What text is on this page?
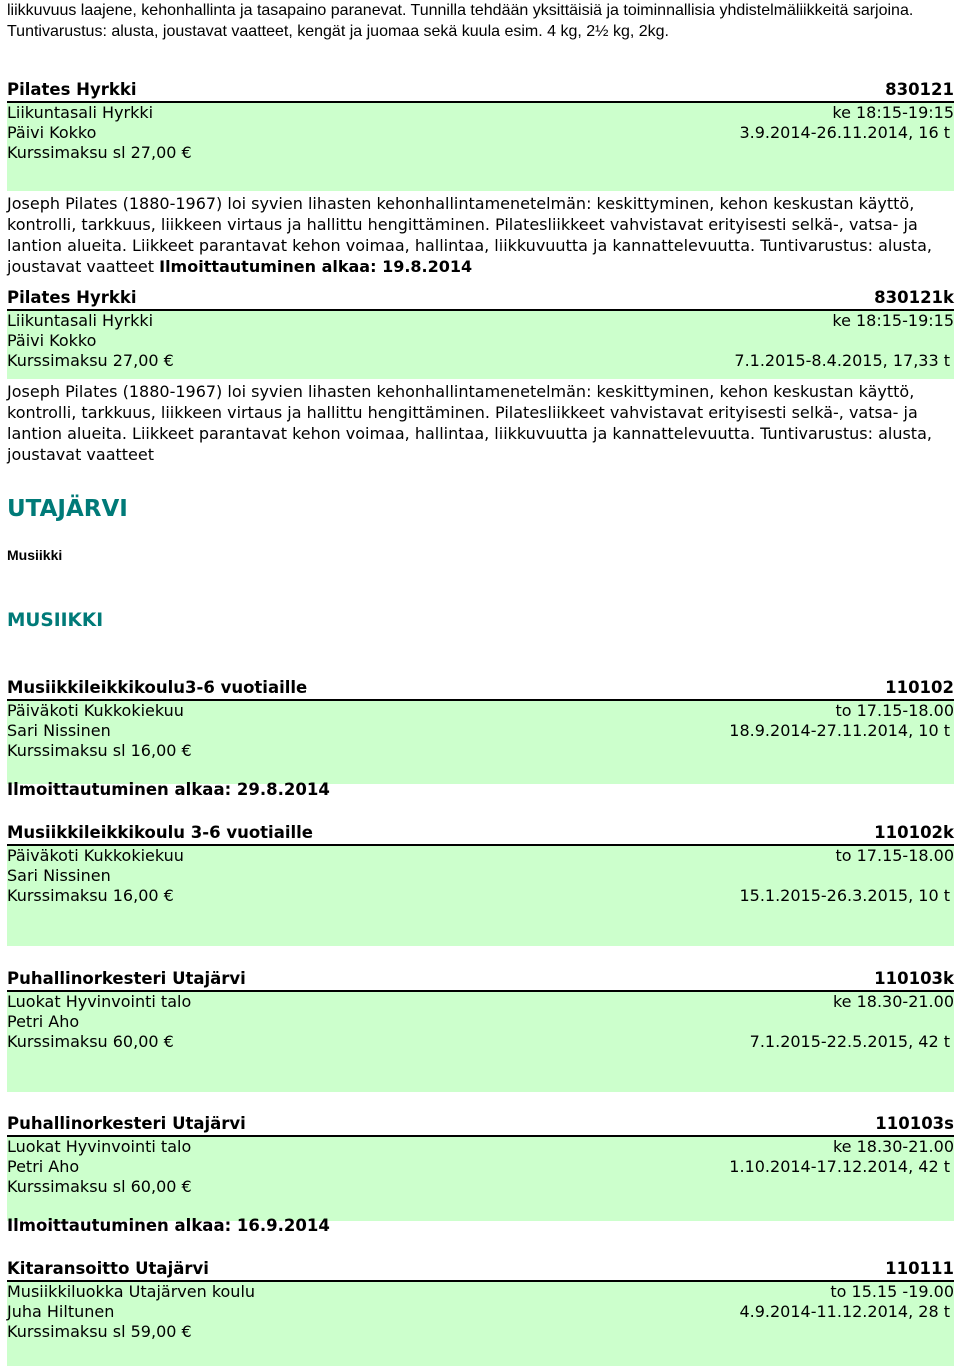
liikkuvuus laajene, kehonhallinta ja tasapaino paranevat. Tunnilla tehdään yksittäisiä ja toiminnallisia yhdistelmäliikkeitä sarjoina. Tuntivarustus: alusta, joustavat vaatteet, kengät ja juomaa sekä kuula esim. 4 kg, 2½ kg, 2kg.
Pilates Hyrkki	830121
Liikuntasali Hyrkki	ke 18:15-19:15
Päivi Kokko	3.9.2014-26.11.2014, 16 t
Kurssimaksu sl 27,00 €
Joseph Pilates (1880-1967) loi syvien lihasten kehonhallintamenetelmän: keskittyminen, kehon keskustan käyttö, kontrolli, tarkkuus, liikkeen virtaus ja hallittu hengittäminen. Pilatesliikkeet vahvistavat erityisesti selkä-, vatsa- ja lantion alueita. Liikkeet parantavat kehon voimaa, hallintaa, liikkuvuutta ja kannattelevuutta. Tuntivarustus: alusta, joustavat vaatteet Ilmoittautuminen alkaa: 19.8.2014
Pilates Hyrkki	830121k
Liikuntasali Hyrkki	ke 18:15-19:15
Päivi Kokko
Kurssimaksu 27,00 €	7.1.2015-8.4.2015, 17,33 t
Joseph Pilates (1880-1967) loi syvien lihasten kehonhallintamenetelmän: keskittyminen, kehon keskustan käyttö, kontrolli, tarkkuus, liikkeen virtaus ja hallittu hengittäminen. Pilatesliikkeet vahvistavat erityisesti selkä-, vatsa- ja lantion alueita. Liikkeet parantavat kehon voimaa, hallintaa, liikkuvuutta ja kannattelevuutta. Tuntivarustus: alusta, joustavat vaatteet
UTAJÄRVI
Musiikki
MUSIIKKI
Musiikkileikkikoulu3-6 vuotiaille	110102
Päiväkoti Kukkokiekuu	to 17.15-18.00
Sari Nissinen	18.9.2014-27.11.2014, 10 t
Kurssimaksu sl 16,00 €
Ilmoittautuminen alkaa: 29.8.2014
Musiikkileikkikoulu 3-6 vuotiaille	110102k
Päiväkoti Kukkokiekuu	to 17.15-18.00
Sari Nissinen
Kurssimaksu 16,00 €	15.1.2015-26.3.2015, 10 t
Puhallinorkesteri Utajärvi	110103k
Luokat Hyvinvointi talo	ke 18.30-21.00
Petri Aho
Kurssimaksu 60,00 €	7.1.2015-22.5.2015, 42 t
Puhallinorkesteri Utajärvi	110103s
Luokat Hyvinvointi talo	ke 18.30-21.00
Petri Aho	1.10.2014-17.12.2014, 42 t
Kurssimaksu sl 60,00 €
Ilmoittautuminen alkaa: 16.9.2014
Kitaransoitto Utajärvi	110111
Musiikkiluokka Utajärven koulu	to 15.15 -19.00
Juha Hiltunen	4.9.2014-11.12.2014, 28 t
Kurssimaksu sl 59,00 €
